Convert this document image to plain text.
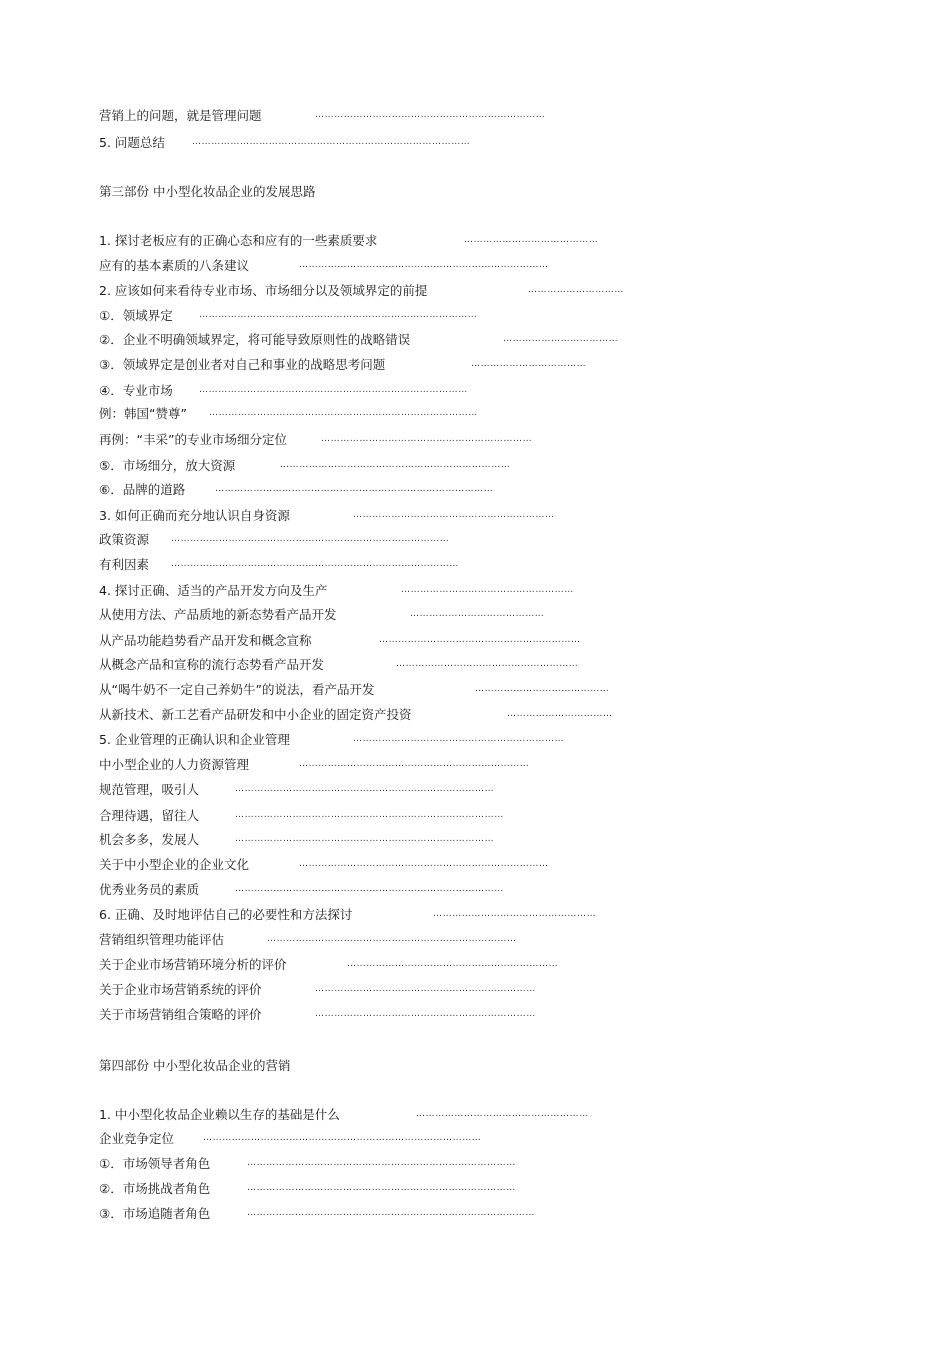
第三部份 中小型化妆品企业的发展思路
第四部份 中小型化妆品企业的营销
营销上的问题，就是管理问题	………………………………………………………………
5. 问题总结	……………………………………………………………………………
1. 探讨老板应有的正确心态和应有的一些素质要求	……………………………………
应有的基本素质的八条建议	……………………………………………………………………
2. 应该如何来看待专业市场、市场细分以及领域界定的前提	…………………………
①．领域界定	……………………………………………………………………………
②．企业不明确领域界定，将可能导致原则性的战略错误	………………………………
③．领域界定是创业者对自己和事业的战略思考问题	………………………………
④．专业市场	…………………………………………………………………………
例：韩国“赞尊” …………………………………………………………………………
再例：“丰采”的专业市场细分定位	…………………………………………………………
⑤．市场细分，放大资源	………………………………………………………………
⑥．品牌的道路	……………………………………………………………………………
3. 如何正确而充分地认识自身资源	………………………………………………………
政策资源 ……………………………………………………………………………
有利因素 ………………………………………………………………………………
4. 探讨正确、适当的产品开发方向及生产	………………………………………………
从使用方法、产品质地的新态势看产品开发	……………………………………
从产品功能趋势看产品开发和概念宣称	………………………………………………………
从概念产品和宣称的流行态势看产品开发	…………………………………………………
从“喝牛奶不一定自己养奶牛”的说法，看产品开发	……………………………………
从新技术、新工艺看产品研发和中小企业的固定资产投资	……………………………
5. 企业管理的正确认识和企业管理	…………………………………………………………
中小型企业的人力资源管理	………………………………………………………………
规范管理，吸引人	………………………………………………………………………
合理待遇，留往人	…………………………………………………………………………
机会多多，发展人	………………………………………………………………………
关于中小型企业的企业文化	……………………………………………………………………
优秀业务员的素质	…………………………………………………………………………
6. 正确、及时地评估自己的必要性和方法探讨	……………………………………………
营销组织管理功能评估	……………………………………………………………………
关于企业市场营销环境分析的评价	…………………………………………………………
关于企业市场营销系统的评价	……………………………………………………………
关于市场营销组合策略的评价	……………………………………………………………
1. 中小型化妆品企业赖以生存的基础是什么	………………………………………………
企业竞争定位	……………………………………………………………………………
①．市场领导者角色	…………………………………………………………………………
②．市场挑战者角色	…………………………………………………………………………
③．市场追随者角色	………………………………………………………………………………
